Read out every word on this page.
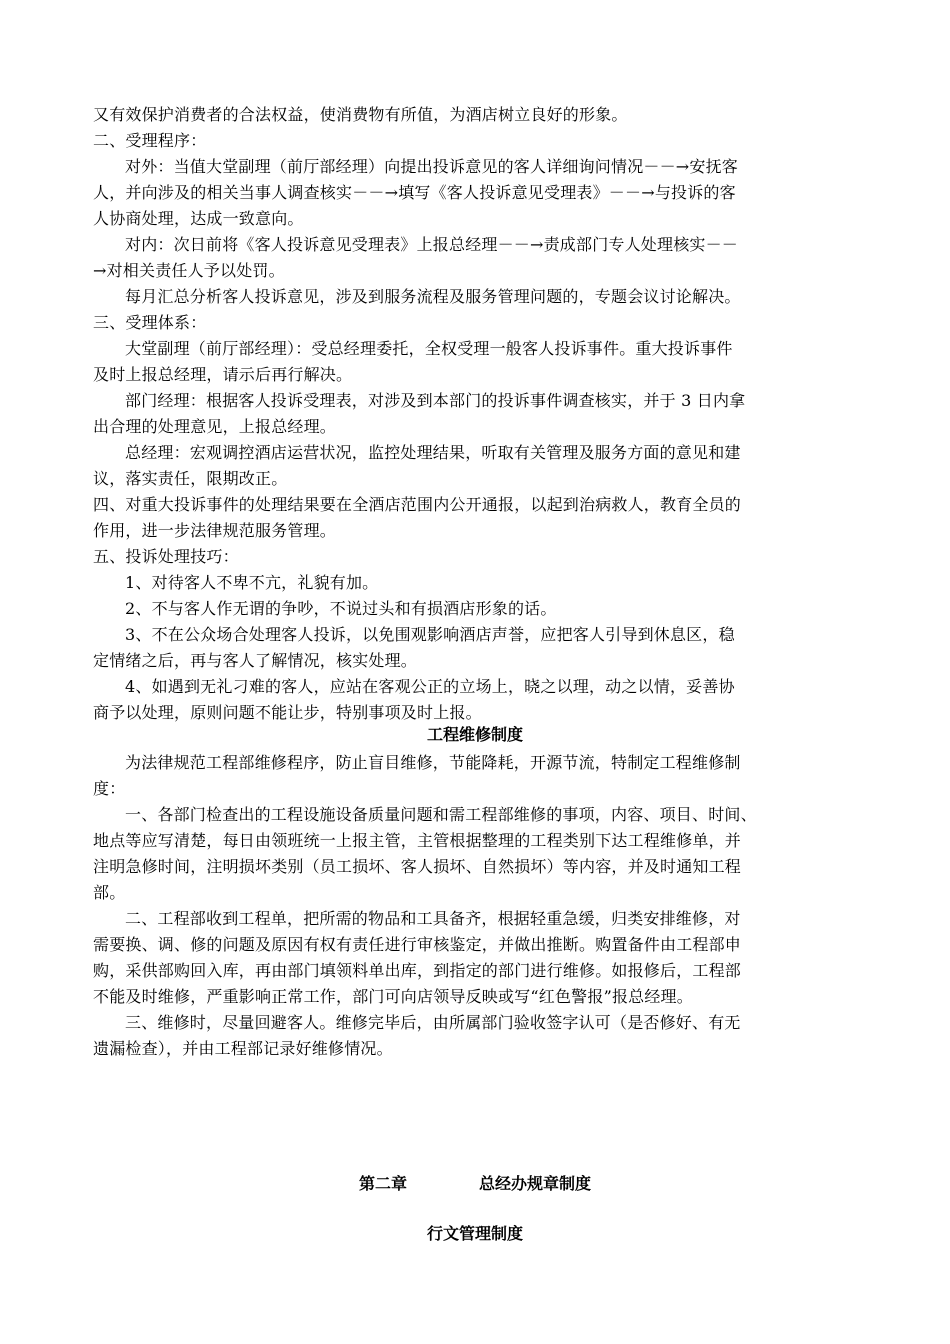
又有效保护消费者的合法权益，使消费物有所值，为酒店树立良好的形象。
二、受理程序：
对外：当值大堂副理（前厅部经理）向提出投诉意见的客人详细询问情况－－→安抚客
人，并向涉及的相关当事人调查核实－－→填写《客人投诉意见受理表》－－→与投诉的客
人协商处理，达成一致意向。
对内：次日前将《客人投诉意见受理表》上报总经理－－→责成部门专人处理核实－－
→对相关责任人予以处罚。
每月汇总分析客人投诉意见，涉及到服务流程及服务管理问题的，专题会议讨论解决。
三、受理体系：
大堂副理（前厅部经理）：受总经理委托，全权受理一般客人投诉事件。重大投诉事件
及时上报总经理，请示后再行解决。
部门经理：根据客人投诉受理表，对涉及到本部门的投诉事件调查核实，并于 3 日内拿
出合理的处理意见，上报总经理。
总经理：宏观调控酒店运营状况，监控处理结果，听取有关管理及服务方面的意见和建
议，落实责任，限期改正。
四、对重大投诉事件的处理结果要在全酒店范围内公开通报，以起到治病救人，教育全员的
作用，进一步法律规范服务管理。
五、投诉处理技巧：
1、对待客人不卑不亢，礼貌有加。
2、不与客人作无谓的争吵，不说过头和有损酒店形象的话。
3、不在公众场合处理客人投诉，以免围观影响酒店声誉，应把客人引导到休息区，稳
定情绪之后，再与客人了解情况，核实处理。
4、如遇到无礼刁难的客人，应站在客观公正的立场上，晓之以理，动之以情，妥善协
商予以处理，原则问题不能让步，特别事项及时上报。
工程维修制度
为法律规范工程部维修程序，防止盲目维修，节能降耗，开源节流，特制定工程维修制
度：
一、各部门检查出的工程设施设备质量问题和需工程部维修的事项，内容、项目、时间、
地点等应写清楚，每日由领班统一上报主管，主管根据整理的工程类别下达工程维修单，并
注明急修时间，注明损坏类别（员工损坏、客人损坏、自然损坏）等内容，并及时通知工程
部。
二、工程部收到工程单，把所需的物品和工具备齐，根据轻重急缓，归类安排维修，对
需要换、调、修的问题及原因有权有责任进行审核鉴定，并做出推断。购置备件由工程部申
购，采供部购回入库，再由部门填领料单出库，到指定的部门进行维修。如报修后，工程部
不能及时维修，严重影响正常工作，部门可向店领导反映或写“红色警报”报总经理。
三、维修时，尽量回避客人。维修完毕后，由所属部门验收签字认可（是否修好、有无
遗漏检查），并由工程部记录好维修情况。
第二章	总经办规章制度
行文管理制度
